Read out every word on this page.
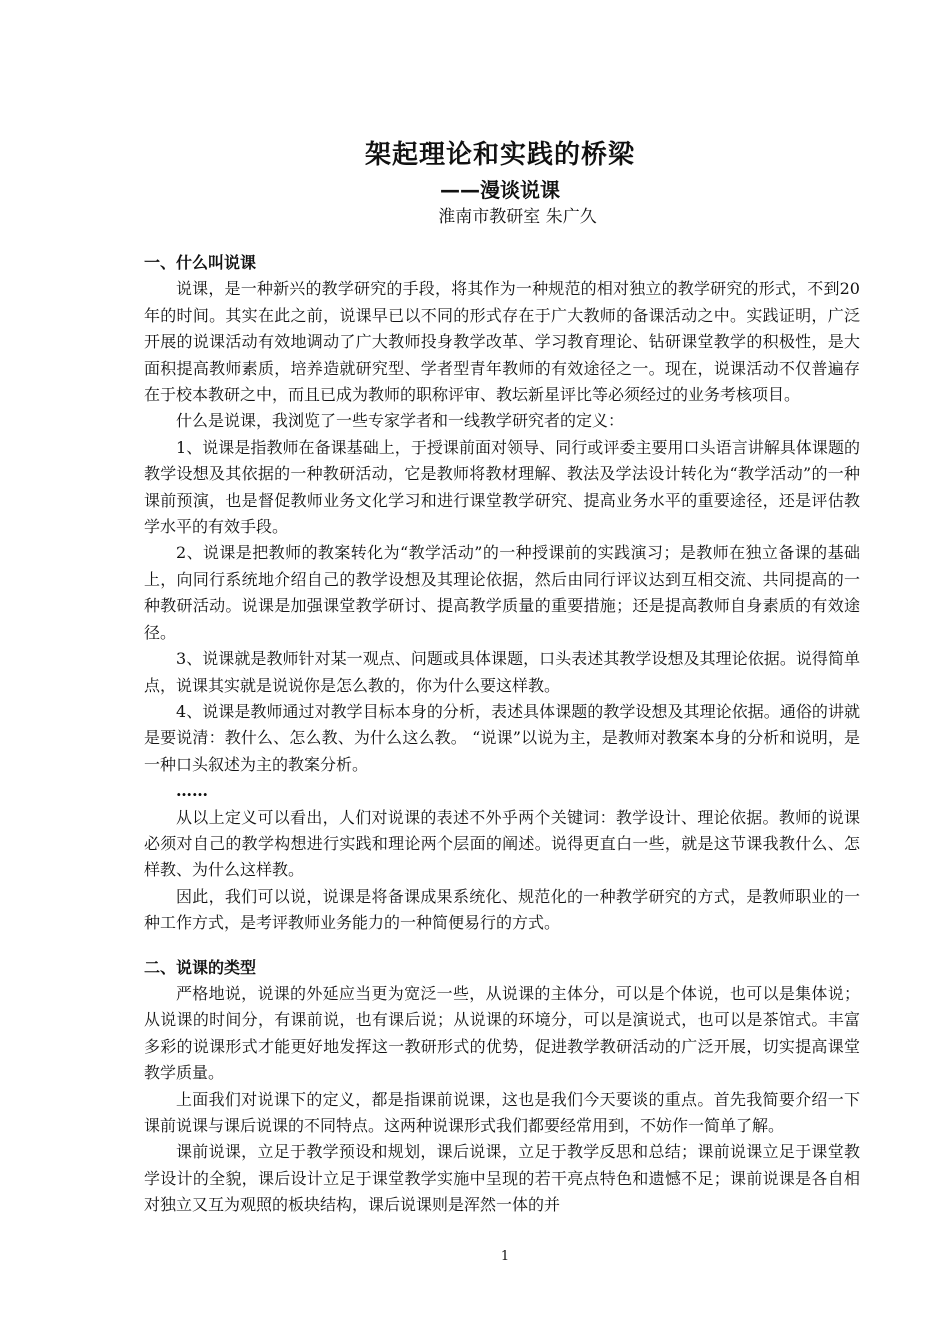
架起理论和实践的桥梁
——漫谈说课
淮南市教研室 朱广久
一、什么叫说课

说课，是一种新兴的教学研究的手段，将其作为一种规范的相对独立的教学研究的形式，不到20年的时间。其实在此之前，说课早已以不同的形式存在于广大教师的备课活动之中。实践证明，广泛开展的说课活动有效地调动了广大教师投身教学改革、学习教育理论、钻研课堂教学的积极性，是大面积提高教师素质，培养造就研究型、学者型青年教师的有效途径之一。现在，说课活动不仅普遍存在于校本教研之中，而且已成为教师的职称评审、教坛新星评比等必须经过的业务考核项目。

什么是说课，我浏览了一些专家学者和一线教学研究者的定义：

1、说课是指教师在备课基础上，于授课前面对领导、同行或评委主要用口头语言讲解具体课题的教学设想及其依据的一种教研活动，它是教师将教材理解、教法及学法设计转化为“教学活动”的一种课前预演，也是督促教师业务文化学习和进行课堂教学研究、提高业务水平的重要途径，还是评估教学水平的有效手段。

2、说课是把教师的教案转化为“教学活动”的一种授课前的实践演习；是教师在独立备课的基础上，向同行系统地介绍自己的教学设想及其理论依据，然后由同行评议达到互相交流、共同提高的一种教研活动。说课是加强课堂教学研讨、提高教学质量的重要措施；还是提高教师自身素质的有效途径。

3、说课就是教师针对某一观点、问题或具体课题，口头表述其教学设想及其理论依据。说得简单点，说课其实就是说说你是怎么教的，你为什么要这样教。

4、说课是教师通过对教学目标本身的分析，表述具体课题的教学设想及其理论依据。通俗的讲就是要说清：教什么、怎么教、为什么这么教。 “说课”以说为主，是教师对教案本身的分析和说明，是一种口头叙述为主的教案分析。

……

从以上定义可以看出，人们对说课的表述不外乎两个关键词：教学设计、理论依据。教师的说课必须对自己的教学构想进行实践和理论两个层面的阐述。说得更直白一些，就是这节课我教什么、怎样教、为什么这样教。

因此，我们可以说，说课是将备课成果系统化、规范化的一种教学研究的方式，是教师职业的一种工作方式，是考评教师业务能力的一种简便易行的方式。

二、说课的类型

严格地说，说课的外延应当更为宽泛一些，从说课的主体分，可以是个体说，也可以是集体说；从说课的时间分，有课前说，也有课后说；从说课的环境分，可以是演说式，也可以是茶馆式。丰富多彩的说课形式才能更好地发挥这一教研形式的优势，促进教学教研活动的广泛开展，切实提高课堂教学质量。

上面我们对说课下的定义，都是指课前说课，这也是我们今天要谈的重点。首先我简要介绍一下课前说课与课后说课的不同特点。这两种说课形式我们都要经常用到，不妨作一简单了解。

课前说课，立足于教学预设和规划，课后说课，立足于教学反思和总结；课前说课立足于课堂教学设计的全貌，课后设计立足于课堂教学实施中呈现的若干亮点特色和遗憾不足；课前说课是各自相对独立又互为观照的板块结构，课后说课则是浑然一体的并

1
